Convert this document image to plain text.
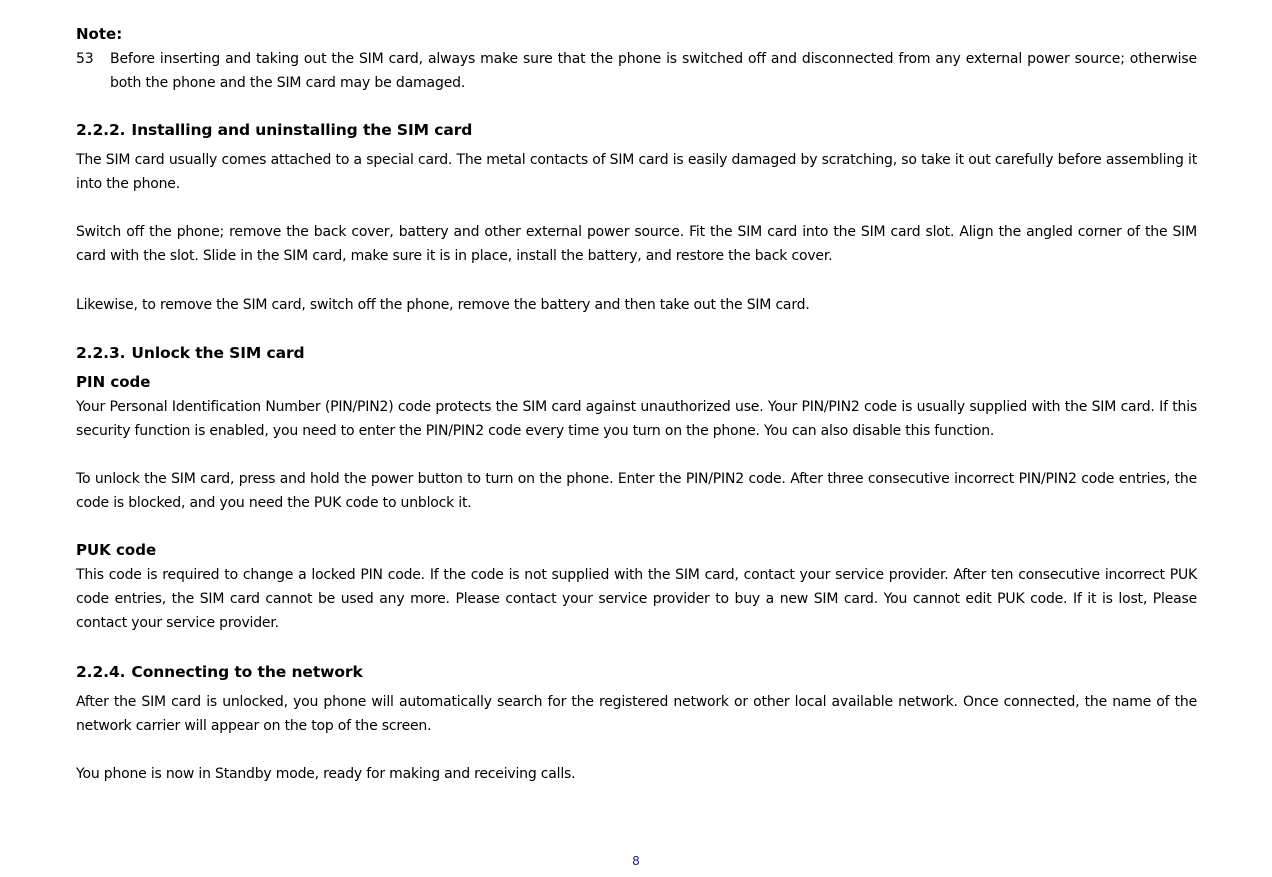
Note:
53	Before inserting and taking out the SIM card, always make sure that the phone is switched off and disconnected from any external power source; otherwise both the phone and the SIM card may be damaged.
2.2.2. Installing and uninstalling the SIM card

The SIM card usually comes attached to a special card. The metal contacts of SIM card is easily damaged by scratching, so take it out carefully before assembling it into the phone.

Switch off the phone; remove the back cover, battery and other external power source. Fit the SIM card into the SIM card slot. Align the angled corner of the SIM card with the slot. Slide in the SIM card, make sure it is in place, install the battery, and restore the back cover.

Likewise, to remove the SIM card, switch off the phone, remove the battery and then take out the SIM card.

2.2.3. Unlock the SIM card
PIN code

Your Personal Identification Number (PIN/PIN2) code protects the SIM card against unauthorized use. Your PIN/PIN2 code is usually supplied with the SIM card. If this security function is enabled, you need to enter the PIN/PIN2 code every time you turn on the phone. You can also disable this function.

To unlock the SIM card, press and hold the power button to turn on the phone. Enter the PIN/PIN2 code. After three consecutive incorrect PIN/PIN2 code entries, the code is blocked, and you need the PUK code to unblock it.

PUK code

This code is required to change a locked PIN code. If the code is not supplied with the SIM card, contact your service provider. After ten consecutive incorrect PUK code entries, the SIM card cannot be used any more. Please contact your service provider to buy a new SIM card. You cannot edit PUK code. If it is lost, Please contact your service provider.

2.2.4. Connecting to the network

After the SIM card is unlocked, you phone will automatically search for the registered network or other local available network. Once connected, the name of the network carrier will appear on the top of the screen.

You phone is now in Standby mode, ready for making and receiving calls.

8
